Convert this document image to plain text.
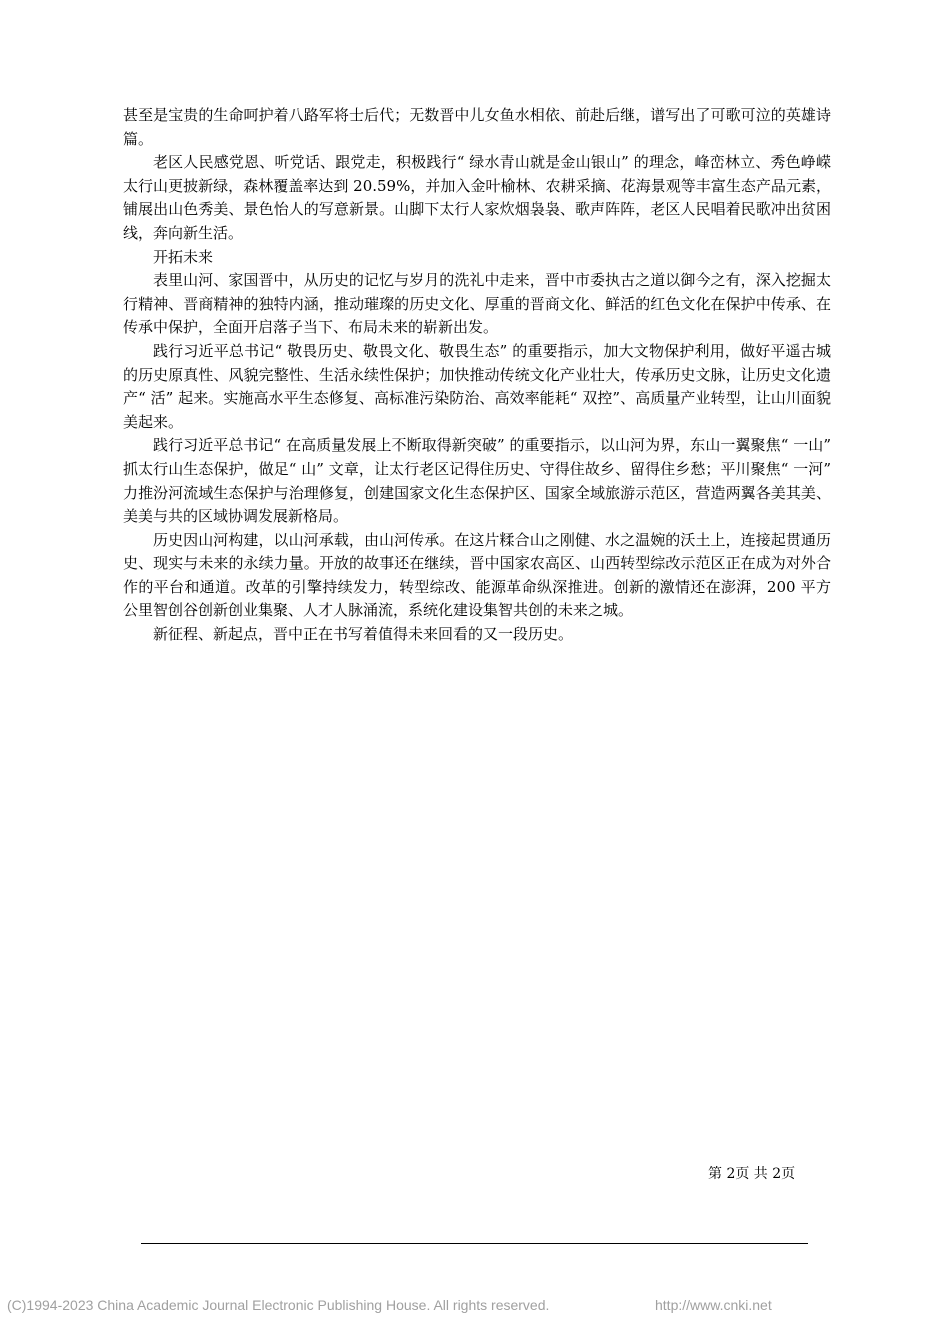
甚至是宝贵的生命呵护着八路军将士后代；无数晋中儿女鱼水相依、前赴后继，谱写出了可歌可泣的英雄诗篇。

老区人民感党恩、听党话、跟党走，积极践行“ 绿水青山就是金山银山” 的理念，峰峦林立、秀色峥嵘太行山更披新绿，森林覆盖率达到 20.59%，并加入金叶榆林、农耕采摘、花海景观等丰富生态产品元素，铺展出山色秀美、景色怡人的写意新景。山脚下太行人家炊烟袅袅、歌声阵阵，老区人民唱着民歌冲出贫困线，奔向新生活。

开拓未来

表里山河、家国晋中，从历史的记忆与岁月的洗礼中走来，晋中市委执古之道以御今之有，深入挖掘太行精神、晋商精神的独特内涵，推动璀璨的历史文化、厚重的晋商文化、鲜活的红色文化在保护中传承、在传承中保护，全面开启落子当下、布局未来的崭新出发。

践行习近平总书记“ 敬畏历史、敬畏文化、敬畏生态” 的重要指示，加大文物保护利用，做好平遥古城的历史原真性、风貌完整性、生活永续性保护；加快推动传统文化产业壮大，传承历史文脉，让历史文化遗产“ 活” 起来。实施高水平生态修复、高标准污染防治、高效率能耗“ 双控”、高质量产业转型，让山川面貌美起来。

践行习近平总书记“ 在高质量发展上不断取得新突破” 的重要指示，以山河为界，东山一翼聚焦“ 一山” 抓太行山生态保护，做足“ 山” 文章，让太行老区记得住历史、守得住故乡、留得住乡愁；平川聚焦“ 一河” 力推汾河流域生态保护与治理修复，创建国家文化生态保护区、国家全域旅游示范区，营造两翼各美其美、美美与共的区域协调发展新格局。

历史因山河构建，以山河承载，由山河传承。在这片糅合山之刚健、水之温婉的沃土上，连接起贯通历史、现实与未来的永续力量。开放的故事还在继续，晋中国家农高区、山西转型综改示范区正在成为对外合作的平台和通道。改革的引擎持续发力，转型综改、能源革命纵深推进。创新的激情还在澎湃，200 平方公里智创谷创新创业集聚、人才人脉涌流，系统化建设集智共创的未来之城。

新征程、新起点，晋中正在书写着值得未来回看的又一段历史。

第 2页 共 2页
(C)1994-2023 China Academic Journal Electronic Publishing House. All rights reserved.	http://www.cnki.net
